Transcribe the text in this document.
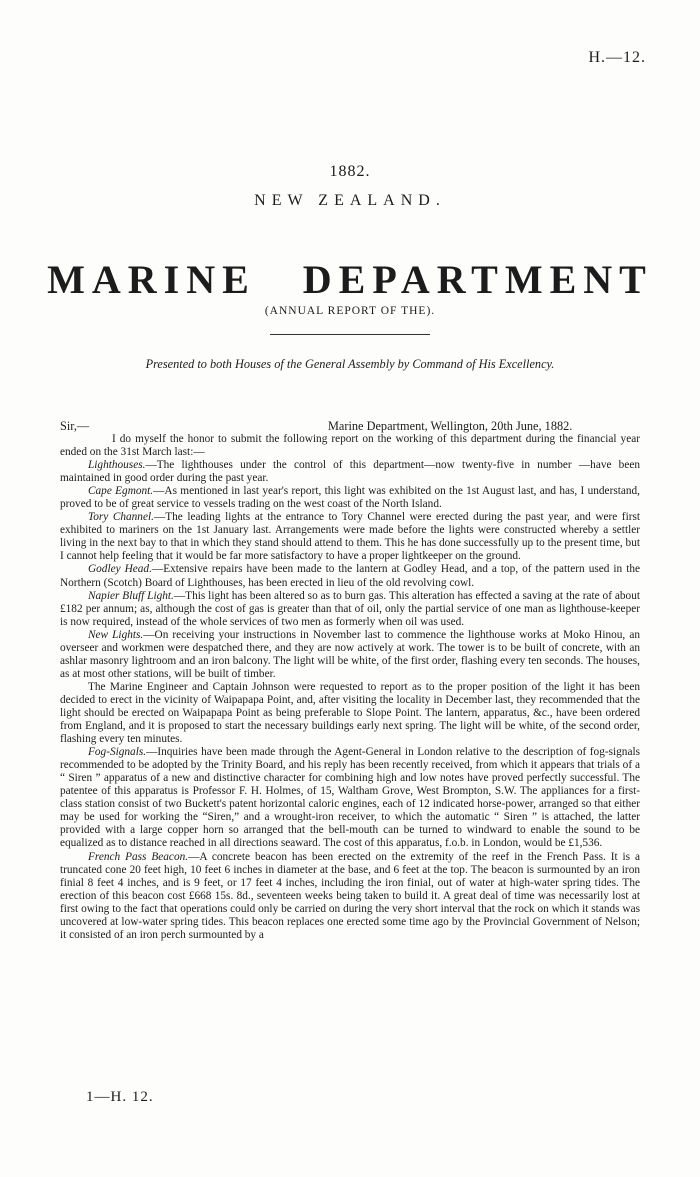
H.—12.
1882.
NEW ZEALAND.
MARINE DEPARTMENT
(ANNUAL REPORT OF THE).
Presented to both Houses of the General Assembly by Command of His Excellency.
Sir,—	Marine Department, Wellington, 20th June, 1882.

I do myself the honor to submit the following report on the working of this department during the financial year ended on the 31st March last:—

Lighthouses.—The lighthouses under the control of this department—now twenty-five in number —have been maintained in good order during the past year.

Cape Egmont.—As mentioned in last year's report, this light was exhibited on the 1st August last, and has, I understand, proved to be of great service to vessels trading on the west coast of the North Island.

Tory Channel.—The leading lights at the entrance to Tory Channel were erected during the past year, and were first exhibited to mariners on the 1st January last. Arrangements were made before the lights were constructed whereby a settler living in the next bay to that in which they stand should attend to them. This he has done successfully up to the present time, but I cannot help feeling that it would be far more satisfactory to have a proper lightkeeper on the ground.

Godley Head.—Extensive repairs have been made to the lantern at Godley Head, and a top, of the pattern used in the Northern (Scotch) Board of Lighthouses, has been erected in lieu of the old revolving cowl.

Napier Bluff Light.—This light has been altered so as to burn gas. This alteration has effected a saving at the rate of about £182 per annum; as, although the cost of gas is greater than that of oil, only the partial service of one man as lighthouse-keeper is now required, instead of the whole services of two men as formerly when oil was used.

New Lights.—On receiving your instructions in November last to commence the lighthouse works at Moko Hinou, an overseer and workmen were despatched there, and they are now actively at work. The tower is to be built of concrete, with an ashlar masonry lightroom and an iron balcony. The light will be white, of the first order, flashing every ten seconds. The houses, as at most other stations, will be built of timber.

The Marine Engineer and Captain Johnson were requested to report as to the proper position of the light it has been decided to erect in the vicinity of Waipapapa Point, and, after visiting the locality in December last, they recommended that the light should be erected on Waipapapa Point as being preferable to Slope Point. The lantern, apparatus, &c., have been ordered from England, and it is proposed to start the necessary buildings early next spring. The light will be white, of the second order, flashing every ten minutes.

Fog-Signals.—Inquiries have been made through the Agent-General in London relative to the description of fog-signals recommended to be adopted by the Trinity Board, and his reply has been recently received, from which it appears that trials of a “ Siren ” apparatus of a new and distinctive character for combining high and low notes have proved perfectly successful. The patentee of this apparatus is Professor F. H. Holmes, of 15, Waltham Grove, West Brompton, S.W. The appliances for a first-class station consist of two Buckett's patent horizontal caloric engines, each of 12 indicated horse-power, arranged so that either may be used for working the “Siren,” and a wrought-iron receiver, to which the automatic “ Siren ” is attached, the latter provided with a large copper horn so arranged that the bell-mouth can be turned to windward to enable the sound to be equalized as to distance reached in all directions seaward. The cost of this apparatus, f.o.b. in London, would be £1,536.

French Pass Beacon.—A concrete beacon has been erected on the extremity of the reef in the French Pass. It is a truncated cone 20 feet high, 10 feet 6 inches in diameter at the base, and 6 feet at the top. The beacon is surmounted by an iron finial 8 feet 4 inches, and is 9 feet, or 17 feet 4 inches, including the iron finial, out of water at high-water spring tides. The erection of this beacon cost £668 15s. 8d., seventeen weeks being taken to build it. A great deal of time was necessarily lost at first owing to the fact that operations could only be carried on during the very short interval that the rock on which it stands was uncovered at low-water spring tides. This beacon replaces one erected some time ago by the Provincial Government of Nelson; it consisted of an iron perch surmounted by a

1—H. 12.
